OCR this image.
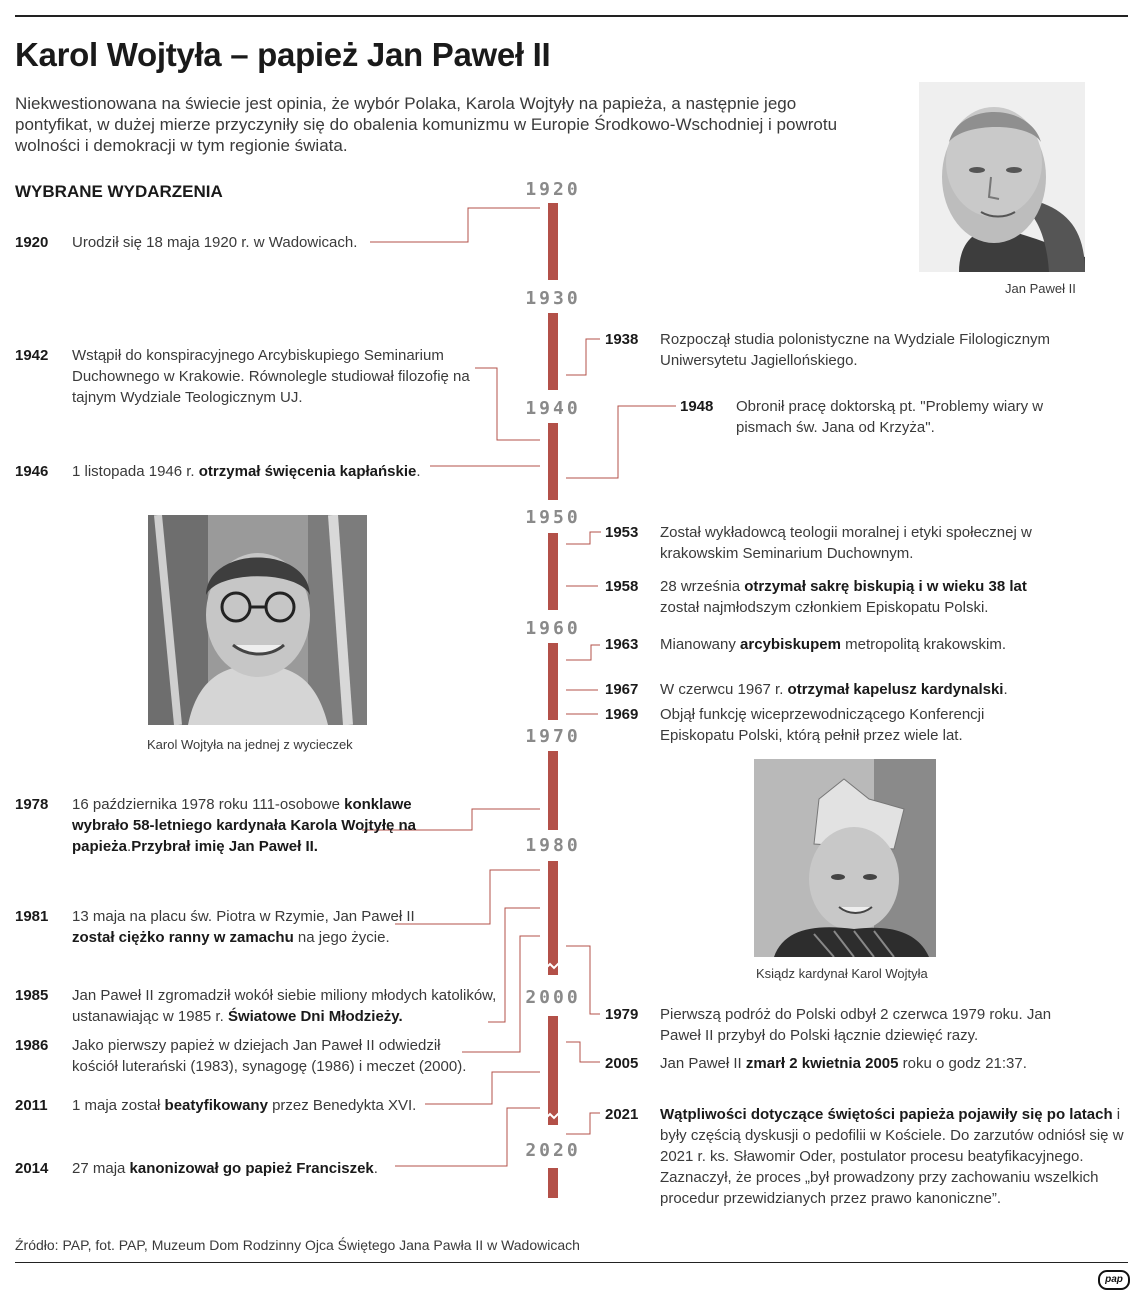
Karol Wojtyła – papież Jan Paweł II

Niekwestionowana na świecie jest opinia, że wybór Polaka, Karola Wojtyły na papieża, a następnie jego pontyfikat, w dużej mierze przyczyniły się do obalenia komunizmu w Europie Środkowo-Wschodniej i powrotu wolności i demokracji w tym regionie świata.

WYBRANE WYDARZENIA	1920
1930
1940
1950
1960
1970
1980
2000
2020
1920 Urodził się 18 maja 1920 r. w Wadowicach.
1942 Wstąpił do konspiracyjnego Arcybiskupiego Seminarium Duchownego w Krakowie. Równolegle studiował filozofię na tajnym Wydziale Teologicznym UJ.
1946 1 listopada 1946 r. otrzymał święcenia kapłańskie.
1978 16 października 1978 roku 111-osobowe konklawe wybrało 58-letniego kardynała Karola Wojtyłę na papieża.Przybrał imię Jan Paweł II.
1981 13 maja na placu św. Piotra w Rzymie, Jan Paweł II został ciężko ranny w zamachu na jego życie.
1985 Jan Paweł II zgromadził wokół siebie miliony młodych katolików, ustanawiając w 1985 r. Światowe Dni Młodzieży.
1986 Jako pierwszy papież w dziejach Jan Paweł II odwiedził kościół luterański (1983), synagogę (1986) i meczet (2000).
2011 1 maja został beatyfikowany przez Benedykta XVI.
2014 27 maja kanonizował go papież Franciszek.
1938 Rozpoczął studia polonistyczne na Wydziale Filologicznym Uniwersytetu Jagiellońskiego.
1948 Obronił pracę doktorską pt. "Problemy wiary w pismach św. Jana od Krzyża".
1953 Został wykładowcą teologii moralnej i etyki społecznej w krakowskim Seminarium Duchownym.
1958 28 września otrzymał sakrę biskupią i w wieku 38 lat został najmłodszym członkiem Episkopatu Polski.
1963 Mianowany arcybiskupem metropolitą krakowskim.
1967 W czerwcu 1967 r. otrzymał kapelusz kardynalski.
1969 Objął funkcję wiceprzewodniczącego Konferencji Episkopatu Polski, którą pełnił przez wiele lat.
1979 Pierwszą podróż do Polski odbył 2 czerwca 1979 roku. Jan Paweł II przybył do Polski łącznie dziewięć razy.
2005 Jan Paweł II zmarł 2 kwietnia 2005 roku o godz 21:37.
2021 Wątpliwości dotyczące świętości papieża pojawiły się po latach i były częścią dyskusji o pedofilii w Kościele. Do zarzutów odniósł się w 2021 r. ks. Sławomir Oder, postulator procesu beatyfikacyjnego. Zaznaczył, że proces „był prowadzony przy zachowaniu wszelkich procedur przewidzianych przez prawo kanoniczne”.
Jan Paweł II
Karol Wojtyła na jednej z wycieczek
Ksiądz kardynał Karol Wojtyła
Źródło: PAP, fot. PAP, Muzeum Dom Rodzinny Ojca Świętego Jana Pawła II w Wadowicach
pap
